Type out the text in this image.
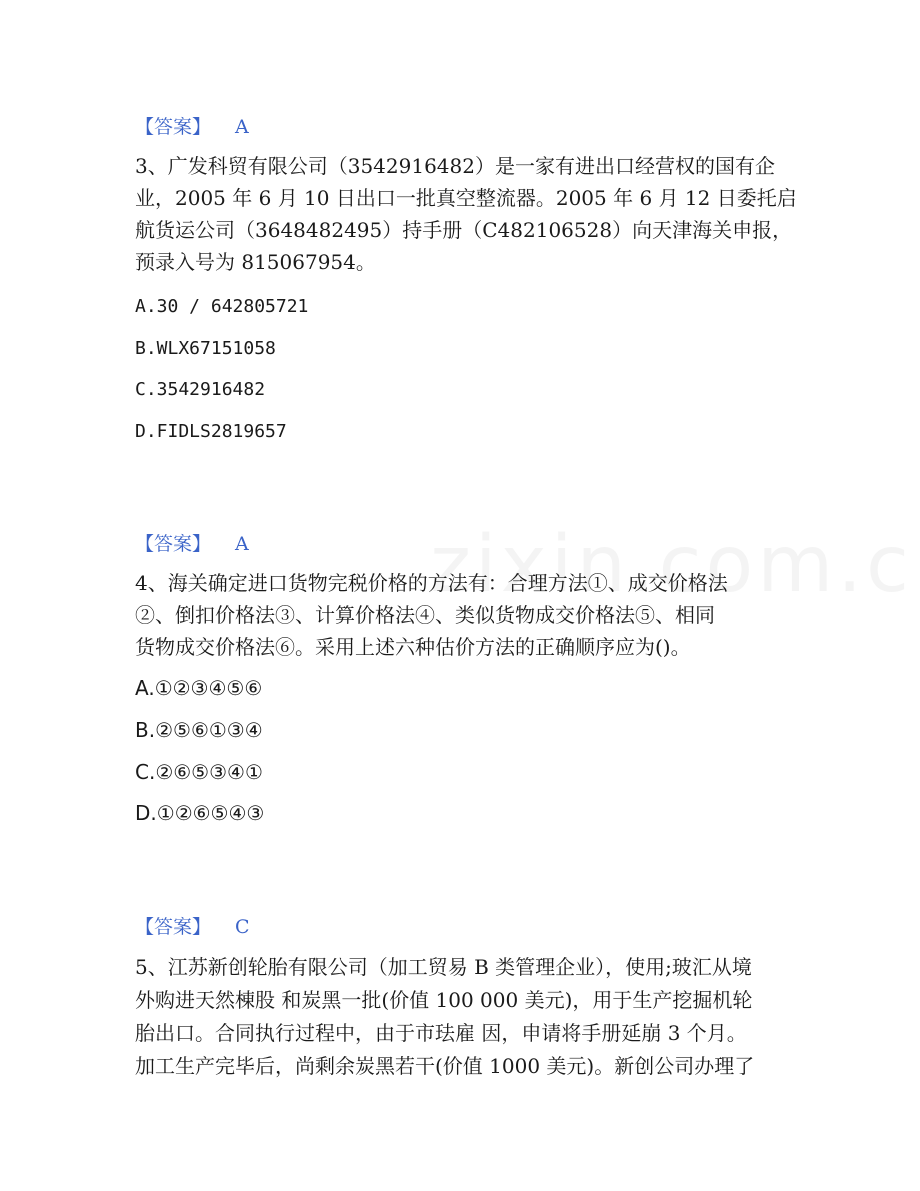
【答案】 A
3、广发科贸有限公司（3542916482）是一家有进出口经营权的国有企
业，2005 年 6 月 10 日出口一批真空整流器。2005 年 6 月 12 日委托启
航货运公司（3648482495）持手册（C482106528）向天津海关申报，
预录入号为 815067954。
A.30 / 642805721
B.WLX67151058
C.3542916482
D.FIDLS2819657
【答案】 A
4、海关确定进口货物完税价格的方法有：合理方法①、成交价格法
②、倒扣价格法③、计算价格法④、类似货物成交价格法⑤、相同
货物成交价格法⑥。采用上述六种估价方法的正确顺序应为()。
A.①②③④⑤⑥
B.②⑤⑥①③④
C.②⑥⑤③④①
D.①②⑥⑤④③
【答案】 C
5、江苏新创轮胎有限公司（加工贸易 B 类管理企业），使用;玻汇从境
外购进天然棟股 和炭黑一批(价值 100 000 美元)，用于生产挖掘机轮
胎出口。合同执行过程中，由于市珐雇 因，申请将手册延崩 3 个月。
加工生产完毕后，尚剩余炭黑若干(价值 1000 美元)。新创公司办理了
